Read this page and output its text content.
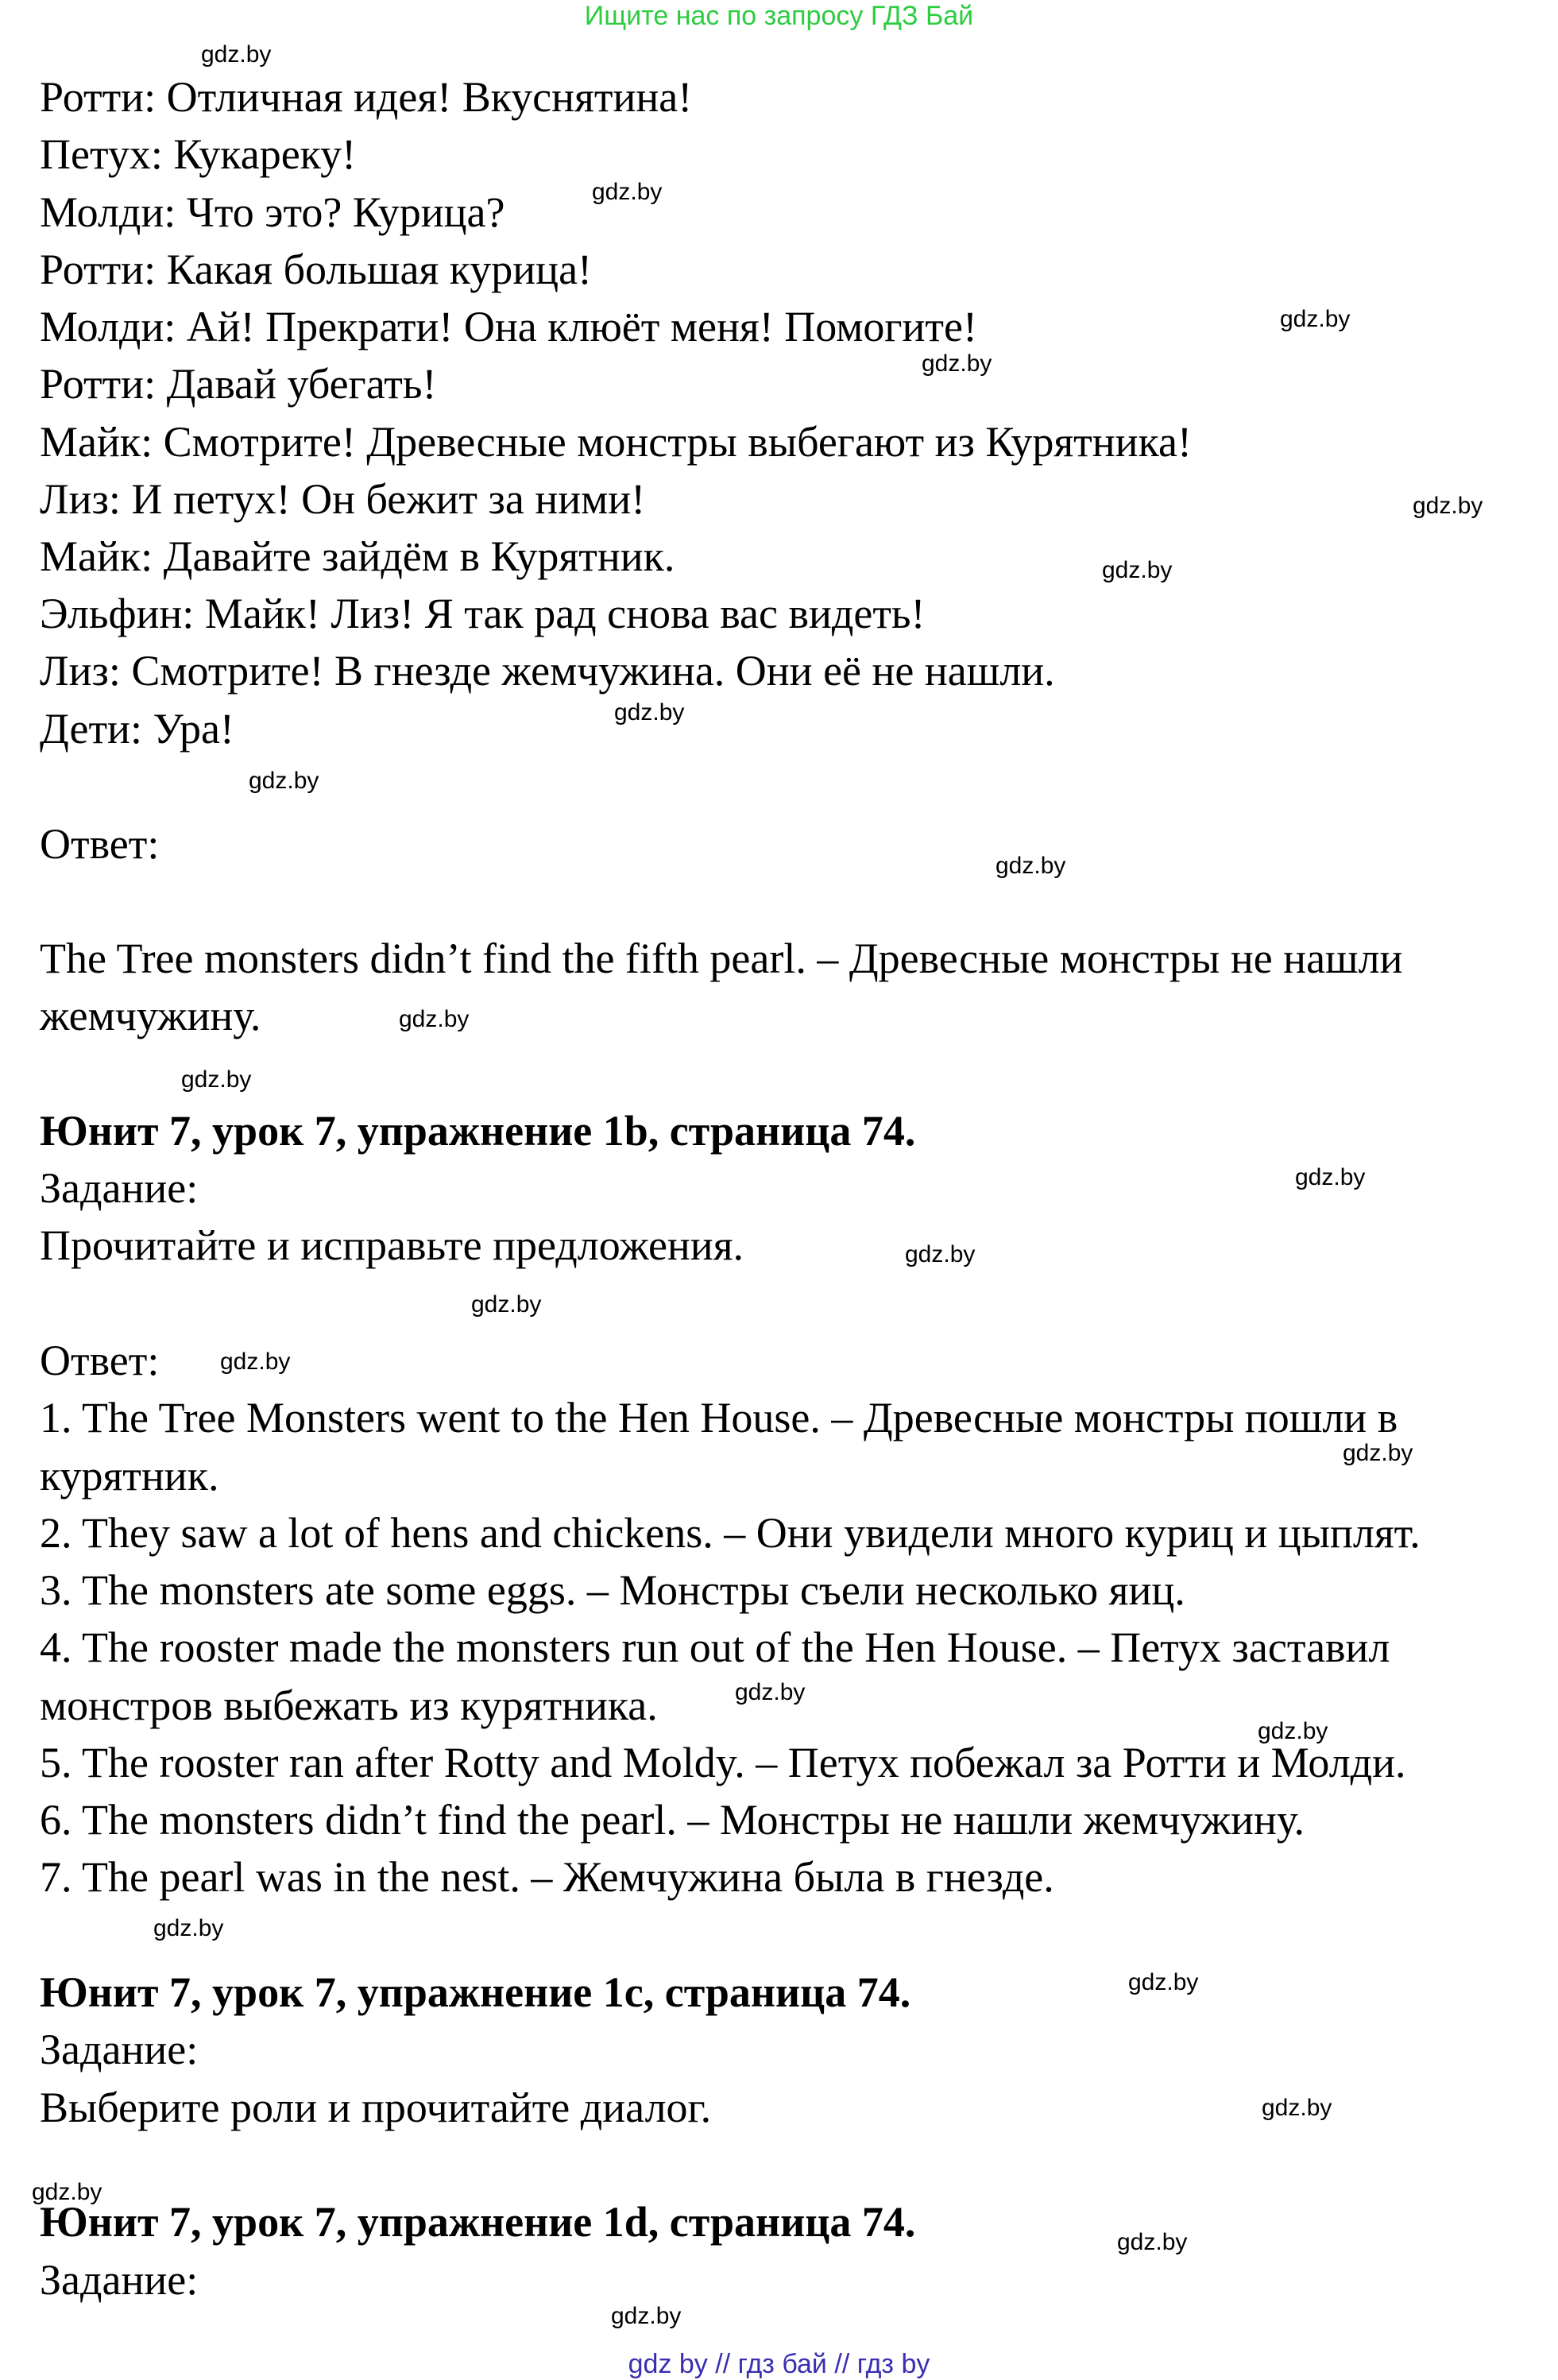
Ищите нас по запросу ГДЗ Бай
gdz.by
gdz.by
gdz.by
gdz.by
gdz.by
gdz.by
gdz.by
gdz.by
gdz.by
gdz.by
gdz.by
gdz.by
gdz.by
gdz.by
gdz.by
gdz.by
gdz.by
gdz.by
gdz.by
gdz.by
gdz.by
gdz.by
gdz.by
gdz.by
Ротти: Отличная идея! Вкуснятина!
Петух: Кукареку!
Молди: Что это? Курица?
Ротти: Какая большая курица!
Молди: Ай! Прекрати! Она клюёт меня! Помогите!
Ротти: Давай убегать!
Майк: Смотрите! Древесные монстры выбегают из Курятника!
Лиз: И петух! Он бежит за ними!
Майк: Давайте зайдём в Курятник.
Эльфин: Майк! Лиз! Я так рад снова вас видеть!
Лиз: Смотрите! В гнезде жемчужина. Они её не нашли.
Дети: Ура!
Ответ:
The Tree monsters didn’t find the fifth pearl. – Древесные монстры не нашли
жемчужину.
Юнит 7, урок 7, упражнение 1b, страница 74.
Задание:
Прочитайте и исправьте предложения.
Ответ:
1. The Tree Monsters went to the Hen House. – Древесные монстры пошли в
курятник.
2. They saw a lot of hens and chickens. – Они увидели много куриц и цыплят.
3. The monsters ate some eggs. – Монстры съели несколько яиц.
4. The rooster made the monsters run out of the Hen House. – Петух заставил
монстров выбежать из курятника.
5. The rooster ran after Rotty and Moldy. – Петух побежал за Ротти и Молди.
6. The monsters didn’t find the pearl. – Монстры не нашли жемчужину.
7. The pearl was in the nest. – Жемчужина была в гнезде.
Юнит 7, урок 7, упражнение 1c, страница 74.
Задание:
Выберите роли и прочитайте диалог.
Юнит 7, урок 7, упражнение 1d, страница 74.
Задание:
gdz by // гдз бай // гдз by
